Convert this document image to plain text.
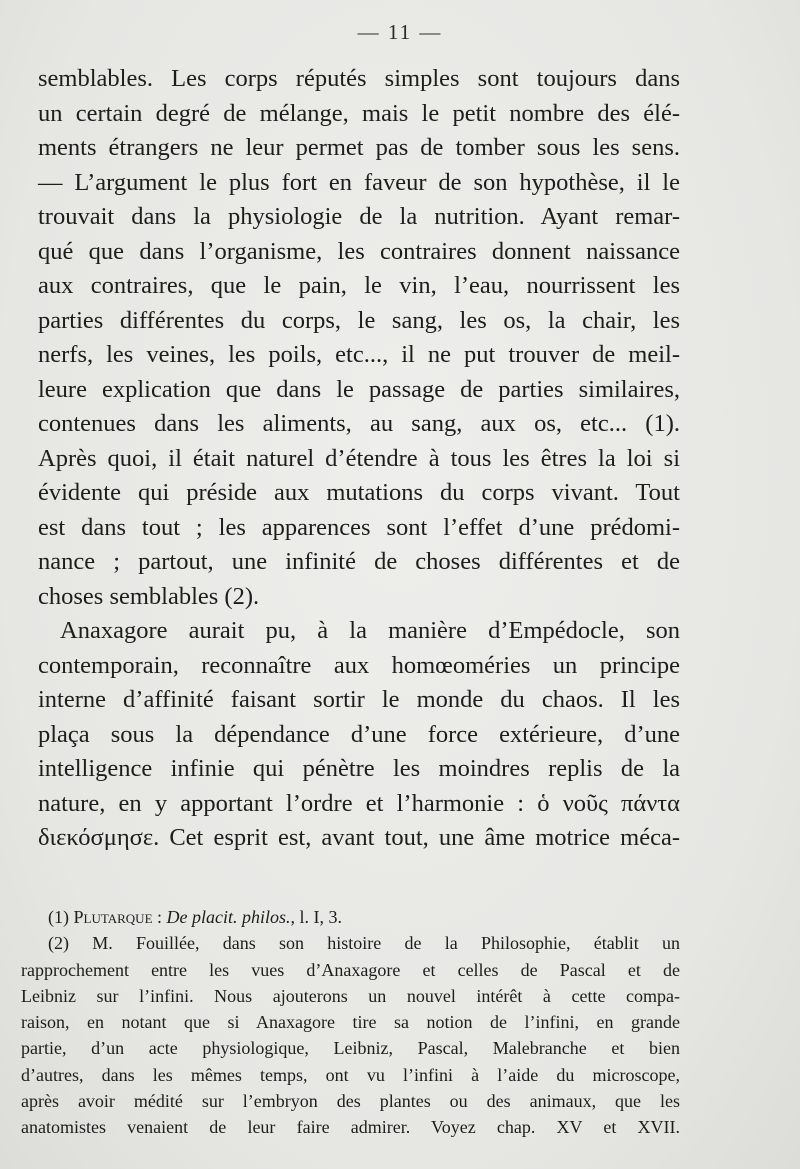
— 11 —
semblables. Les corps réputés simples sont toujours dans
un certain degré de mélange, mais le petit nombre des élé-
ments étrangers ne leur permet pas de tomber sous les sens.
— L’argument le plus fort en faveur de son hypothèse, il le
trouvait dans la physiologie de la nutrition. Ayant remar-
qué que dans l’organisme, les contraires donnent naissance
aux contraires, que le pain, le vin, l’eau, nourrissent les
parties différentes du corps, le sang, les os, la chair, les
nerfs, les veines, les poils, etc..., il ne put trouver de meil-
leure explication que dans le passage de parties similaires,
contenues dans les aliments, au sang, aux os, etc... (1).
Après quoi, il était naturel d’étendre à tous les êtres la loi si
évidente qui préside aux mutations du corps vivant. Tout
est dans tout ; les apparences sont l’effet d’une prédomi-
nance ; partout, une infinité de choses différentes et de
choses semblables (2).
Anaxagore aurait pu, à la manière d’Empédocle, son
contemporain, reconnaître aux homœoméries un principe
interne d’affinité faisant sortir le monde du chaos. Il les
plaça sous la dépendance d’une force extérieure, d’une
intelligence infinie qui pénètre les moindres replis de la
nature, en y apportant l’ordre et l’harmonie : ὁ νοῦς πάντα
διεκόσμησε. Cet esprit est, avant tout, une âme motrice méca-
(1) Plutarque : De placit. philos., l. I, 3.
(2) M. Fouillée, dans son histoire de la Philosophie, établit un
rapprochement entre les vues d’Anaxagore et celles de Pascal et de
Leibniz sur l’infini. Nous ajouterons un nouvel intérêt à cette compa-
raison, en notant que si Anaxagore tire sa notion de l’infini, en grande
partie, d’un acte physiologique, Leibniz, Pascal, Malebranche et bien
d’autres, dans les mêmes temps, ont vu l’infini à l’aide du microscope,
après avoir médité sur l’embryon des plantes ou des animaux, que les
anatomistes venaient de leur faire admirer. Voyez chap. XV et XVII.
